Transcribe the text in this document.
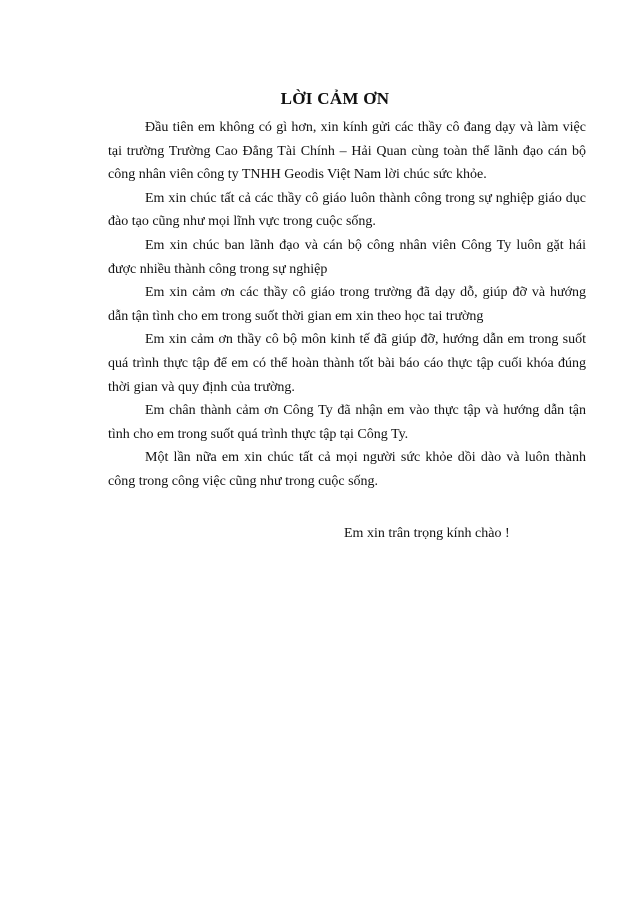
LỜI CẢM ƠN

Đầu tiên em không có gì hơn, xin kính gửi các thầy cô đang dạy và làm việc tại trường Trường Cao Đẳng Tài Chính – Hải Quan cùng toàn thể lãnh đạo cán bộ công nhân viên công ty TNHH Geodis Việt Nam lời chúc sức khỏe.

Em xin chúc tất cả các thầy cô giáo luôn thành công trong sự nghiệp giáo dục đào tạo cũng như mọi lĩnh vực trong cuộc sống.

Em xin chúc ban lãnh đạo và cán bộ công nhân viên Công Ty luôn gặt hái được nhiều thành công trong sự nghiệp

Em xin cảm ơn các thầy cô giáo trong trường đã dạy dỗ, giúp đỡ và hướng dẫn tận tình cho em trong suốt thời gian em xin theo học tai trường

Em xin cảm ơn thầy cô bộ môn kinh tế đã giúp đỡ, hướng dẫn em trong suốt quá trình thực tập để em có thể hoàn thành tốt bài báo cáo thực tập cuối khóa đúng thời gian và quy định của trường.

Em chân thành cảm ơn Công Ty đã nhận em vào thực tập và hướng dẫn tận tình cho em trong suốt quá trình thực tập tại Công Ty.

Một lần nữa em xin chúc tất cả mọi người sức khỏe dồi dào và luôn thành công trong công việc cũng như trong cuộc sống.

Em xin trân trọng kính chào !
